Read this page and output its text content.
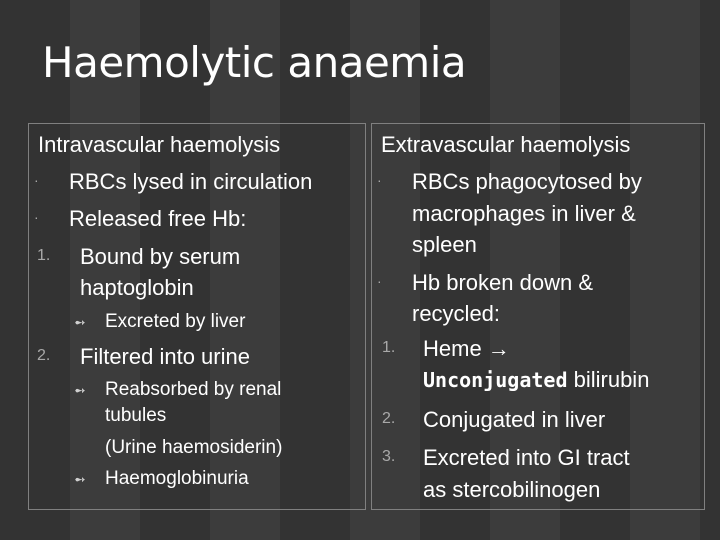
Haemolytic anaemia
Intravascular haemolysis
· RBCs lysed in circulation
· Released free Hb:
1. Bound by serum
haptoglobin
➻ Excreted by liver
2. Filtered into urine
➻ Reabsorbed by renal
tubules
(Urine haemosiderin)
➻ Haemoglobinuria
Extravascular haemolysis
· RBCs phagocytosed by
macrophages in liver &
spleen
· Hb broken down &
recycled:
1. Heme →
Unconjugated bilirubin
2. Conjugated in liver
3. Excreted into GI tract
as stercobilinogen
